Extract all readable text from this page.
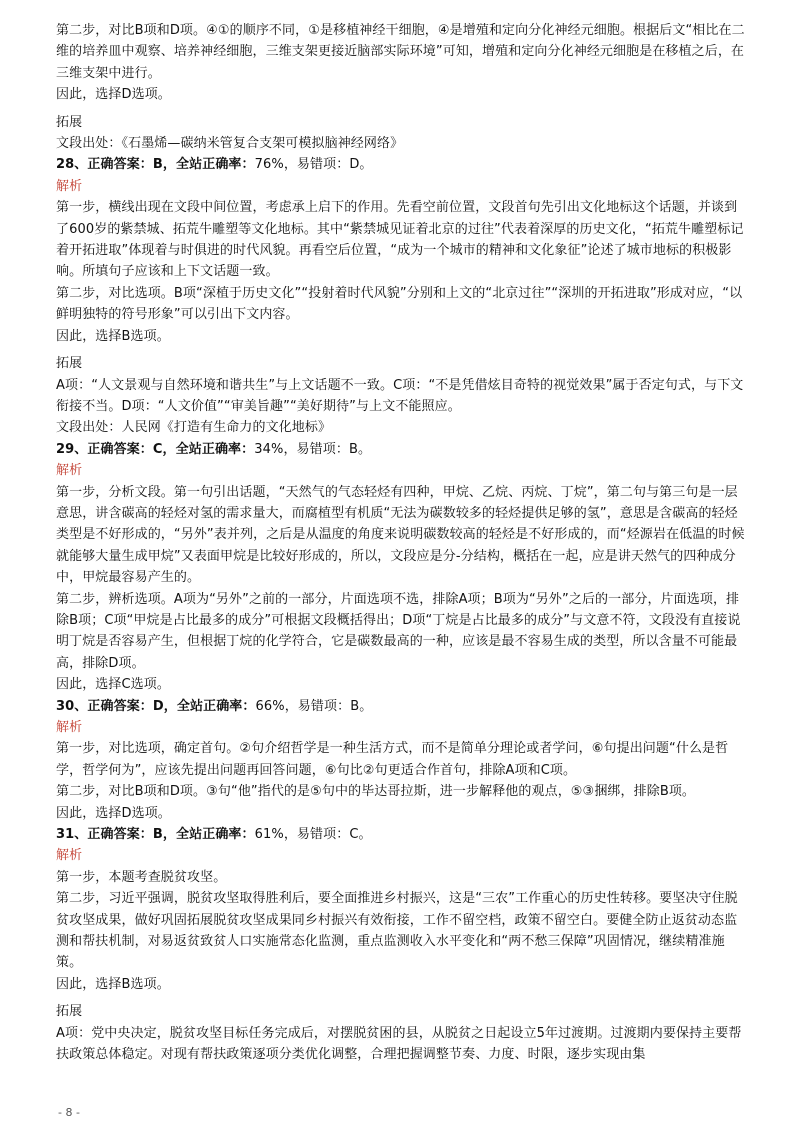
第二步，对比B项和D项。④①的顺序不同，①是移植神经干细胞，④是增殖和定向分化神经元细胞。根据后文“相比在二维的培养皿中观察、培养神经细胞，三维支架更接近脑部实际环境”可知，增殖和定向分化神经元细胞是在移植之后，在三维支架中进行。

因此，选择D选项。

拓展

文段出处：《石墨烯—碳纳米管复合支架可模拟脑神经网络》

28、正确答案：B，全站正确率：76%，易错项：D。

解析

第一步，横线出现在文段中间位置，考虑承上启下的作用。先看空前位置，文段首句先引出文化地标这个话题，并谈到了600岁的紫禁城、拓荒牛雕塑等文化地标。其中“紫禁城见证着北京的过往”代表着深厚的历史文化，“拓荒牛雕塑标记着开拓进取”体现着与时俱进的时代风貌。再看空后位置，“成为一个城市的精神和文化象征”论述了城市地标的积极影响。所填句子应该和上下文话题一致。

第二步，对比选项。B项“深植于历史文化”“投射着时代风貌”分别和上文的“北京过往”“深圳的开拓进取”形成对应，“以鲜明独特的符号形象”可以引出下文内容。

因此，选择B选项。

拓展

A项：“人文景观与自然环境和谐共生”与上文话题不一致。C项：“不是凭借炫目奇特的视觉效果”属于否定句式，与下文衔接不当。D项：“人文价值”“审美旨趣”“美好期待”与上文不能照应。

文段出处：人民网《打造有生命力的文化地标》

29、正确答案：C，全站正确率：34%，易错项：B。

解析

第一步，分析文段。第一句引出话题，“天然气的气态轻烃有四种，甲烷、乙烷、丙烷、丁烷”，第二句与第三句是一层意思，讲含碳高的轻烃对氢的需求量大，而腐植型有机质“无法为碳数较多的轻烃提供足够的氢”，意思是含碳高的轻烃类型是不好形成的，“另外”表并列，之后是从温度的角度来说明碳数较高的轻烃是不好形成的，而“烃源岩在低温的时候就能够大量生成甲烷”又表面甲烷是比较好形成的，所以，文段应是分-分结构，概括在一起，应是讲天然气的四种成分中，甲烷最容易产生的。

第二步，辨析选项。A项为“另外”之前的一部分，片面选项不选，排除A项；B项为“另外”之后的一部分，片面选项，排除B项；C项“甲烷是占比最多的成分”可根据文段概括得出；D项“丁烷是占比最多的成分”与文意不符，文段没有直接说明丁烷是否容易产生，但根据丁烷的化学符合，它是碳数最高的一种，应该是最不容易生成的类型，所以含量不可能最高，排除D项。

因此，选择C选项。

30、正确答案：D，全站正确率：66%，易错项：B。

解析

第一步，对比选项，确定首句。②句介绍哲学是一种生活方式，而不是简单分理论或者学问，⑥句提出问题“什么是哲学，哲学何为”，应该先提出问题再回答问题，⑥句比②句更适合作首句，排除A项和C项。

第二步，对比B项和D项。③句“他”指代的是⑤句中的毕达哥拉斯，进一步解释他的观点，⑤③捆绑，排除B项。

因此，选择D选项。

31、正确答案：B，全站正确率：61%，易错项：C。

解析

第一步，本题考查脱贫攻坚。

第二步，习近平强调，脱贫攻坚取得胜利后，要全面推进乡村振兴，这是“三农”工作重心的历史性转移。要坚决守住脱贫攻坚成果，做好巩固拓展脱贫攻坚成果同乡村振兴有效衔接，工作不留空档，政策不留空白。要健全防止返贫动态监测和帮扶机制，对易返贫致贫人口实施常态化监测，重点监测收入水平变化和“两不愁三保障”巩固情况，继续精准施策。

因此，选择B选项。

拓展

A项：党中央决定，脱贫攻坚目标任务完成后，对摆脱贫困的县，从脱贫之日起设立5年过渡期。过渡期内要保持主要帮扶政策总体稳定。对现有帮扶政策逐项分类优化调整，合理把握调整节奏、力度、时限，逐步实现由集

- 8 -
